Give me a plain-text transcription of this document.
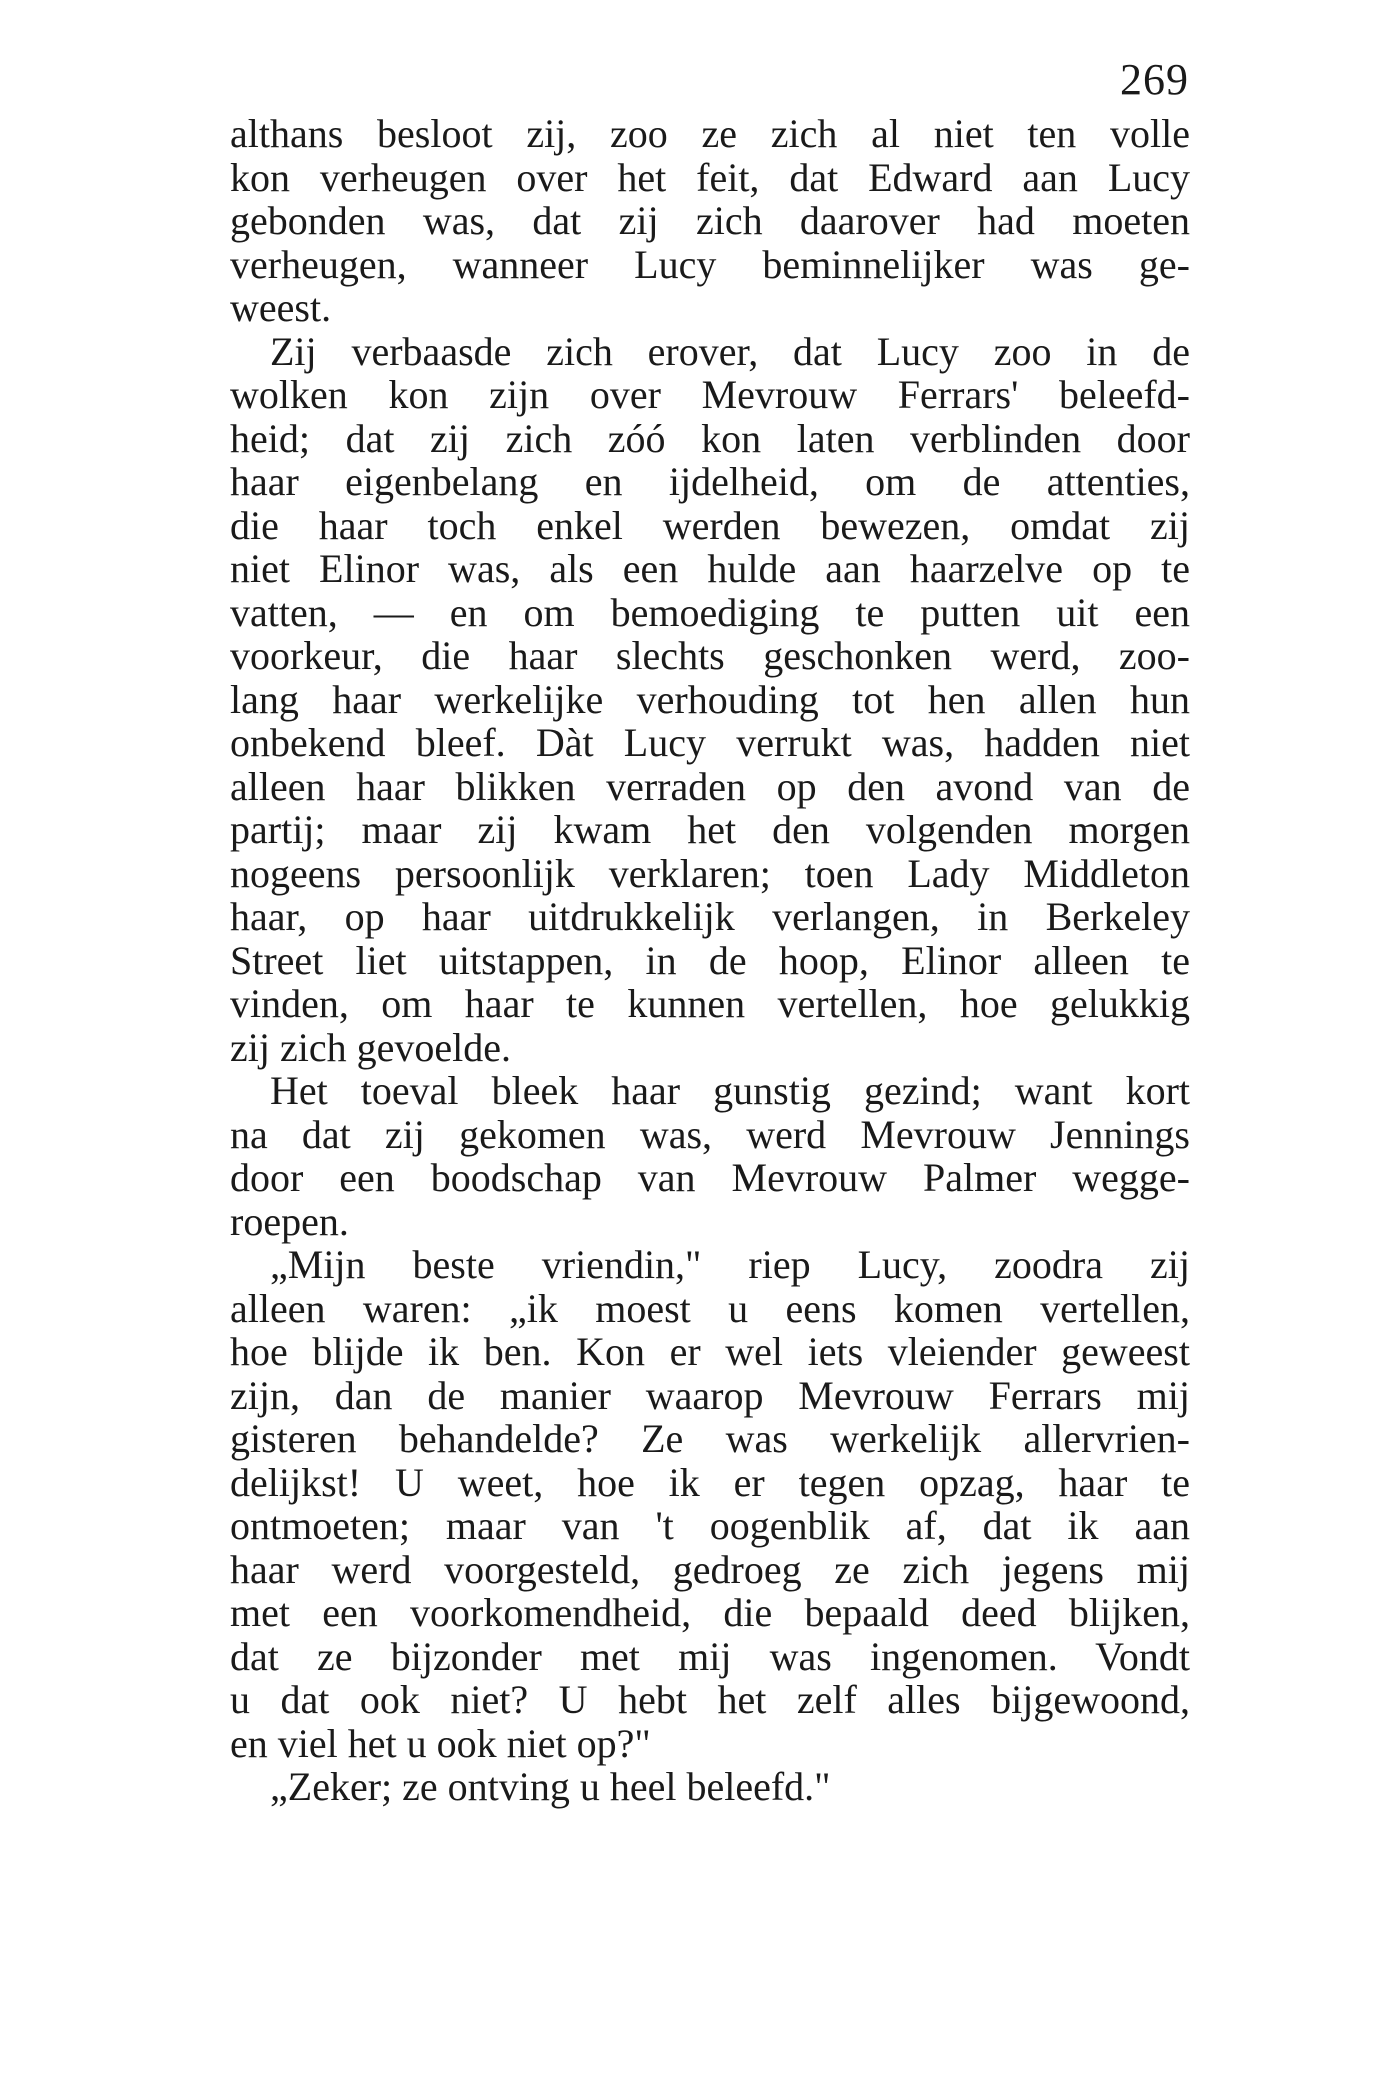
269
althans besloot zij, zoo ze zich al niet ten volle
kon verheugen over het feit, dat Edward aan Lucy
gebonden was, dat zij zich daarover had moeten
verheugen, wanneer Lucy beminnelijker was ge-
weest.
Zij verbaasde zich erover, dat Lucy zoo in de
wolken kon zijn over Mevrouw Ferrars' beleefd-
heid; dat zij zich zóó kon laten verblinden door
haar eigenbelang en ijdelheid, om de attenties,
die haar toch enkel werden bewezen, omdat zij
niet Elinor was, als een hulde aan haarzelve op te
vatten, — en om bemoediging te putten uit een
voorkeur, die haar slechts geschonken werd, zoo-
lang haar werkelijke verhouding tot hen allen hun
onbekend bleef. Dàt Lucy verrukt was, hadden niet
alleen haar blikken verraden op den avond van de
partij; maar zij kwam het den volgenden morgen
nogeens persoonlijk verklaren; toen Lady Middleton
haar, op haar uitdrukkelijk verlangen, in Berkeley
Street liet uitstappen, in de hoop, Elinor alleen te
vinden, om haar te kunnen vertellen, hoe gelukkig
zij zich gevoelde.
Het toeval bleek haar gunstig gezind; want kort
na dat zij gekomen was, werd Mevrouw Jennings
door een boodschap van Mevrouw Palmer wegge-
roepen.
„Mijn beste vriendin," riep Lucy, zoodra zij
alleen waren: „ik moest u eens komen vertellen,
hoe blijde ik ben. Kon er wel iets vleiender geweest
zijn, dan de manier waarop Mevrouw Ferrars mij
gisteren behandelde? Ze was werkelijk allervrien-
delijkst! U weet, hoe ik er tegen opzag, haar te
ontmoeten; maar van 't oogenblik af, dat ik aan
haar werd voorgesteld, gedroeg ze zich jegens mij
met een voorkomendheid, die bepaald deed blijken,
dat ze bijzonder met mij was ingenomen. Vondt
u dat ook niet? U hebt het zelf alles bijgewoond,
en viel het u ook niet op?"
„Zeker; ze ontving u heel beleefd."
